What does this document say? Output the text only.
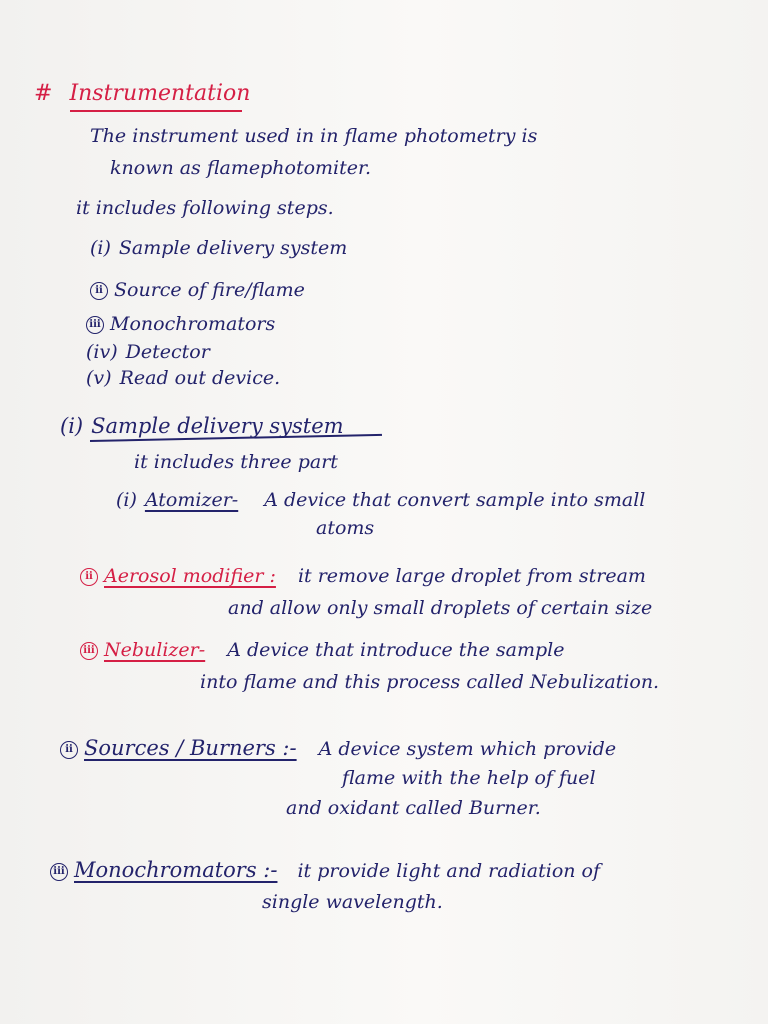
# Instrumentation
The instrument used in in flame photometry is
known as flamephotomiter.
it includes following steps.
(i) Sample delivery system
ii Source of fire/flame
iii Monochromators
(iv) Detector
(v) Read out device.
(i) Sample delivery system
it includes three part
(i) Atomizer- A device that convert sample into small
atoms
ii Aerosol modifier : it remove large droplet from stream
and allow only small droplets of certain size
iii Nebulizer- A device that introduce the sample
into flame and this process called Nebulization.
ii Sources / Burners :- A device system which provide
flame with the help of fuel
and oxidant called Burner.
iii Monochromators :- it provide light and radiation of
single wavelength.
